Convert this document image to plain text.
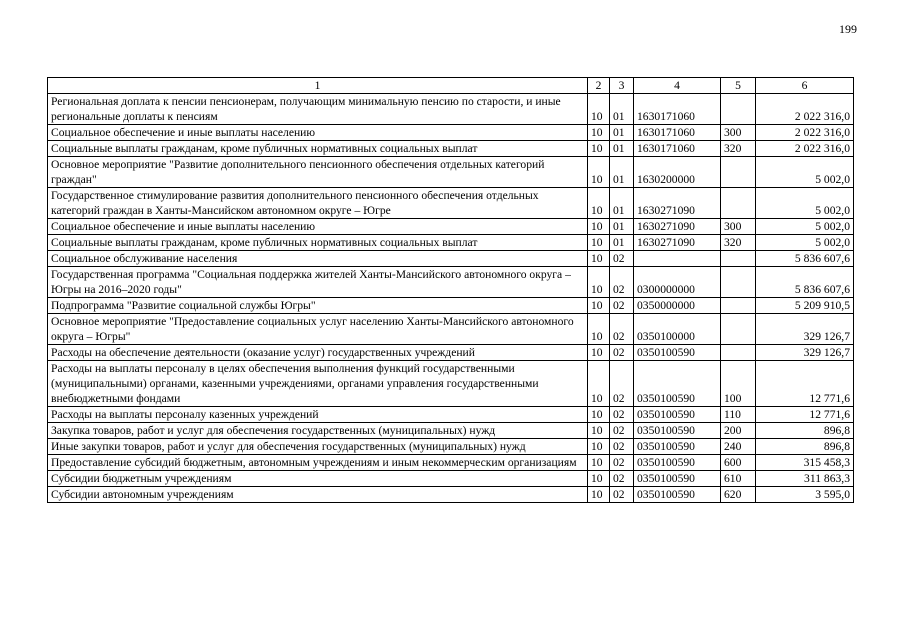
199
1	2	3	4	5	6
Региональная доплата к пенсии пенсионерам, получающим минимальную пенсию по старости, и иные региональные доплаты к пенсиям	10	01	1630171060		2 022 316,0
Социальное обеспечение и иные выплаты населению	10	01	1630171060	300	2 022 316,0
Социальные выплаты гражданам, кроме публичных нормативных социальных выплат	10	01	1630171060	320	2 022 316,0
Основное мероприятие "Развитие дополнительного пенсионного обеспечения отдельных категорий граждан"	10	01	1630200000		5 002,0
Государственное стимулирование развития дополнительного пенсионного обеспечения отдельных категорий граждан в Ханты-Мансийском автономном округе – Югре	10	01	1630271090		5 002,0
Социальное обеспечение и иные выплаты населению	10	01	1630271090	300	5 002,0
Социальные выплаты гражданам, кроме публичных нормативных социальных выплат	10	01	1630271090	320	5 002,0
Социальное обслуживание населения	10	02			5 836 607,6
Государственная программа "Социальная поддержка жителей Ханты-Мансийского автономного округа – Югры на 2016–2020 годы"	10	02	0300000000		5 836 607,6
Подпрограмма "Развитие социальной службы Югры"	10	02	0350000000		5 209 910,5
Основное мероприятие "Предоставление социальных услуг населению Ханты-Мансийского автономного округа – Югры"	10	02	0350100000		329 126,7
Расходы на обеспечение деятельности (оказание услуг) государственных учреждений	10	02	0350100590		329 126,7
Расходы на выплаты персоналу в целях обеспечения выполнения функций государственными (муниципальными) органами, казенными учреждениями, органами управления государственными внебюджетными фондами	10	02	0350100590	100	12 771,6
Расходы на выплаты персоналу казенных учреждений	10	02	0350100590	110	12 771,6
Закупка товаров, работ и услуг для обеспечения государственных (муниципальных) нужд	10	02	0350100590	200	896,8
Иные закупки товаров, работ и услуг для обеспечения государственных (муниципальных) нужд	10	02	0350100590	240	896,8
Предоставление субсидий бюджетным, автономным учреждениям и иным некоммерческим организациям	10	02	0350100590	600	315 458,3
Субсидии бюджетным учреждениям	10	02	0350100590	610	311 863,3
Субсидии автономным учреждениям	10	02	0350100590	620	3 595,0
